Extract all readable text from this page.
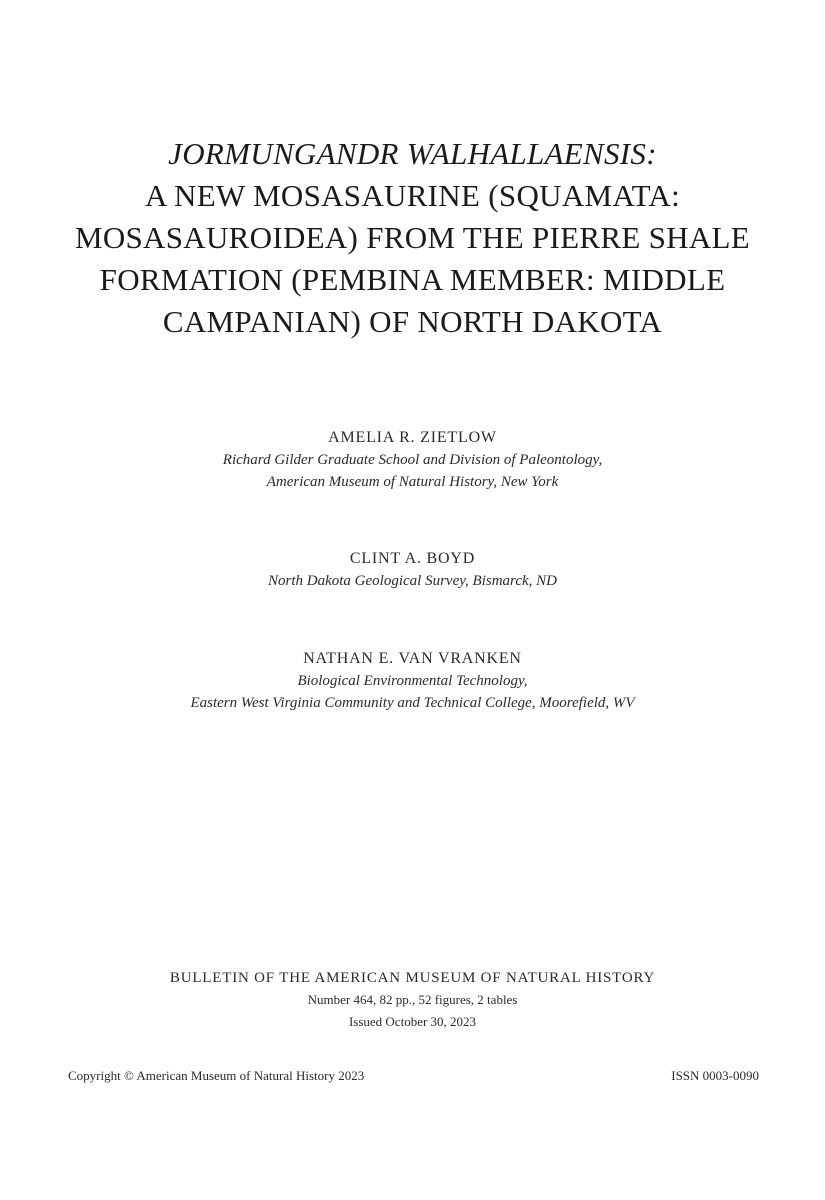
JORMUNGANDR WALHALLAENSIS:
A NEW MOSASAURINE (SQUAMATA:
MOSASAUROIDEA) FROM THE PIERRE SHALE
FORMATION (PEMBINA MEMBER: MIDDLE
CAMPANIAN) OF NORTH DAKOTA
AMELIA R. ZIETLOW
Richard Gilder Graduate School and Division of Paleontology,
American Museum of Natural History, New York
CLINT A. BOYD
North Dakota Geological Survey, Bismarck, ND
NATHAN E. VAN VRANKEN
Biological Environmental Technology,
Eastern West Virginia Community and Technical College, Moorefield, WV
BULLETIN OF THE AMERICAN MUSEUM OF NATURAL HISTORY
Number 464, 82 pp., 52 figures, 2 tables
Issued October 30, 2023
Copyright © American Museum of Natural History 2023	ISSN 0003-0090
